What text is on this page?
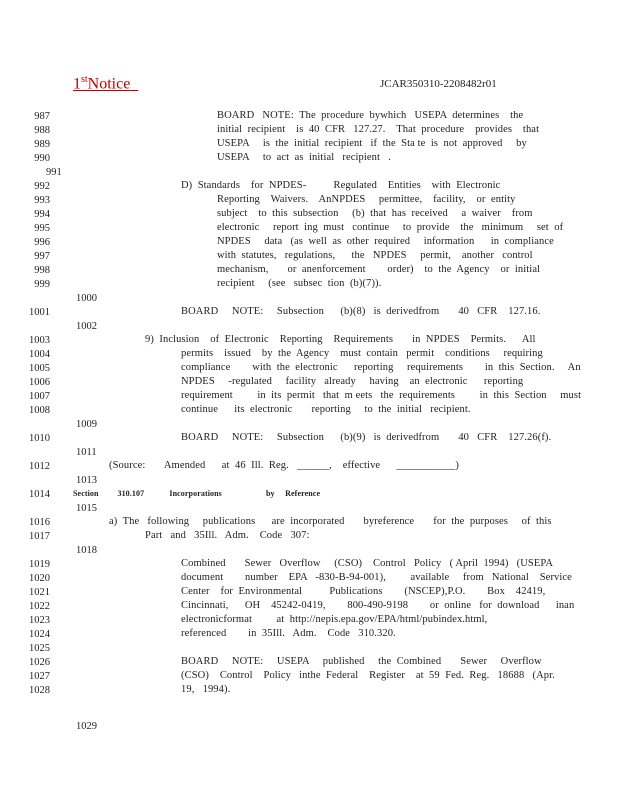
1stNotice	JCAR350310-2208482r01
987	BOARD   NOTE:  The  procedure  bywhich   USEPA  determines    the
988	initial  recipient    is  40  CFR   127.27.    That  procedure    provides    that
989	USEPA     is  the  initial  recipient   if  the  Sta te  is  not  approved     by
990	USEPA     to  act  as  initial   recipient   .
991
992	D)  Standards    for  NPDES-          Regulated    Entities    with  Electronic
993	Reporting    Waivers.    AnNPDES     permittee,    facility,    or  entity
994	subject    to  this  subsection     (b)  that  has  received     a  waiver    from
995	electronic     report  ing  must   continue     to  provide    the   minimum     set  of
996	NPDES     data   (as  well  as  other  required     information      in  compliance
997	with  statutes,   regulations,      the   NPDES     permit,    another   control
998	mechanism,       or  anenforcement        order)    to  the  Agency    or  initial
999	recipient     (see   subsec  tion  (b)(7)).
1000
1001	BOARD     NOTE:     Subsection      (b)(8)   is  derivedfrom       40   CFR    127.16.
1002
1003	9)  Inclusion    of  Electronic    Reporting    Requirements       in  NPDES    Permits.      All
1004	permits    issued    by  the  Agency    must  contain   permit    conditions     requiring
1005	compliance        with  the  electronic      reporting     requirements        in  this  Section.     An
1006	NPDES     -regulated     facility   already     having    an  electronic      reporting
1007	requirement         in  its  permit   that  m eets   the  requirements         in  this  Section     must
1008	continue      its  electronic       reporting     to  the  initial   recipient.
1009
1010	BOARD     NOTE:     Subsection      (b)(9)   is  derivedfrom       40   CFR    127.26(f).
1011
1012	(Source:       Amended      at  46  Ill.  Reg.   ______,    effective      ___________)
1013
1014	Section         310.107            Incorporations                     by     Reference
1015
1016	a)  The   following     publications      are  incorporated       byreference       for  the  purposes     of  this
1017	Part   and   35Ill.   Adm.    Code   307:
1018
1019	Combined       Sewer   Overflow     (CSO)    Control   Policy   ( April  1994)   (USEPA
1020	document        number    EPA   -830-B-94-001),         available     from   National    Service
1021	Center    for  Environmental          Publications        (NSCEP),P.O.        Box    42419,
1022	Cincinnati,      OH    45242-0419,        800-490-9198        or  online   for  download      inan
1023	electronicformat         at  http://nepis.epa.gov/EPA/html/pubindex.html,
1024	referenced        in  35Ill.   Adm.    Code   310.320.
1025
1026	BOARD     NOTE:     USEPA     published     the  Combined       Sewer     Overflow
1027	(CSO)    Control    Policy   inthe  Federal    Register    at  59  Fed.  Reg.   18688   (Apr.
1028	19,   1994).
1029
